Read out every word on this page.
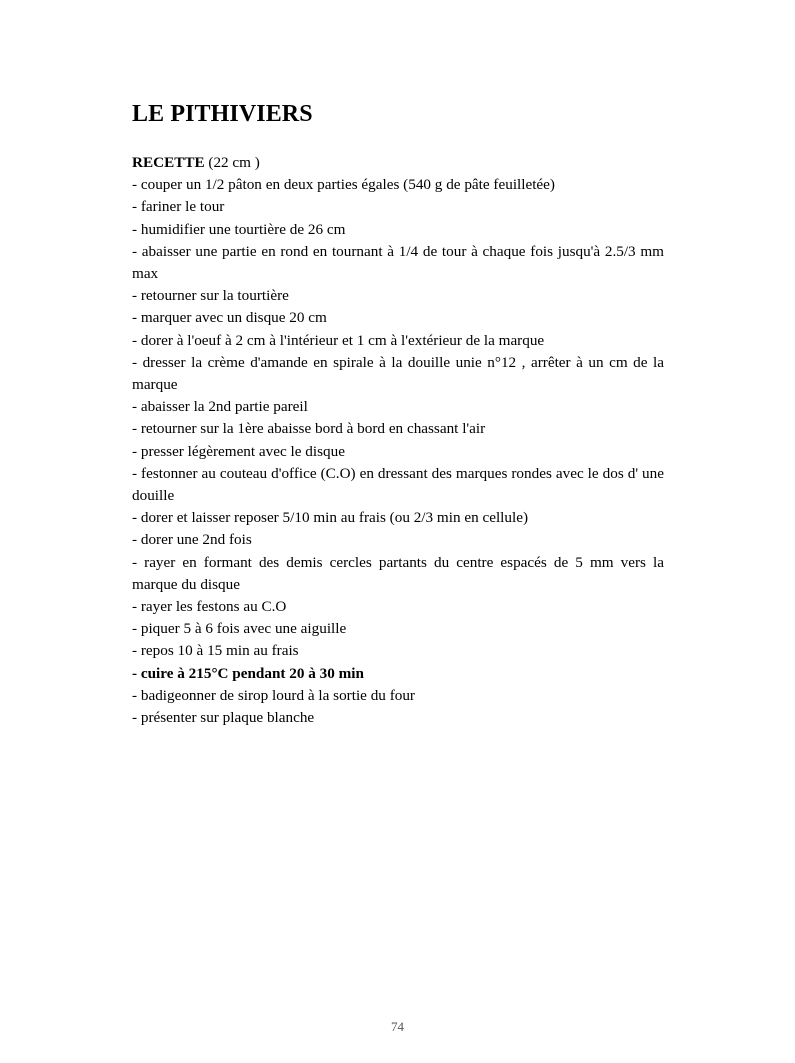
LE PITHIVIERS

RECETTE (22 cm )

- couper un 1/2 pâton en deux parties égales (540 g de pâte feuilletée)

- fariner le tour

- humidifier une tourtière de 26 cm

- abaisser une partie en rond en tournant à 1/4 de tour à chaque fois jusqu'à 2.5/3 mm max

- retourner sur la tourtière

- marquer avec un disque 20 cm

- dorer à l'oeuf à 2 cm à l'intérieur et 1 cm à l'extérieur de la marque

- dresser la crème d'amande en spirale à la douille unie n°12 , arrêter à un cm de la marque

- abaisser la 2nd partie pareil

- retourner sur la 1ère abaisse bord à bord en chassant l'air

- presser légèrement avec le disque

- festonner au couteau d'office (C.O) en dressant des marques rondes avec le dos d' une douille

- dorer et laisser reposer 5/10 min au frais (ou 2/3 min en cellule)

- dorer une 2nd fois

- rayer en formant des demis cercles partants du centre espacés de 5 mm vers la marque du disque

- rayer les festons au C.O

- piquer 5 à 6 fois avec une aiguille

- repos 10 à 15 min au frais

- cuire à 215°C pendant 20 à 30 min

- badigeonner de sirop lourd à la sortie du four

- présenter sur plaque blanche

74
